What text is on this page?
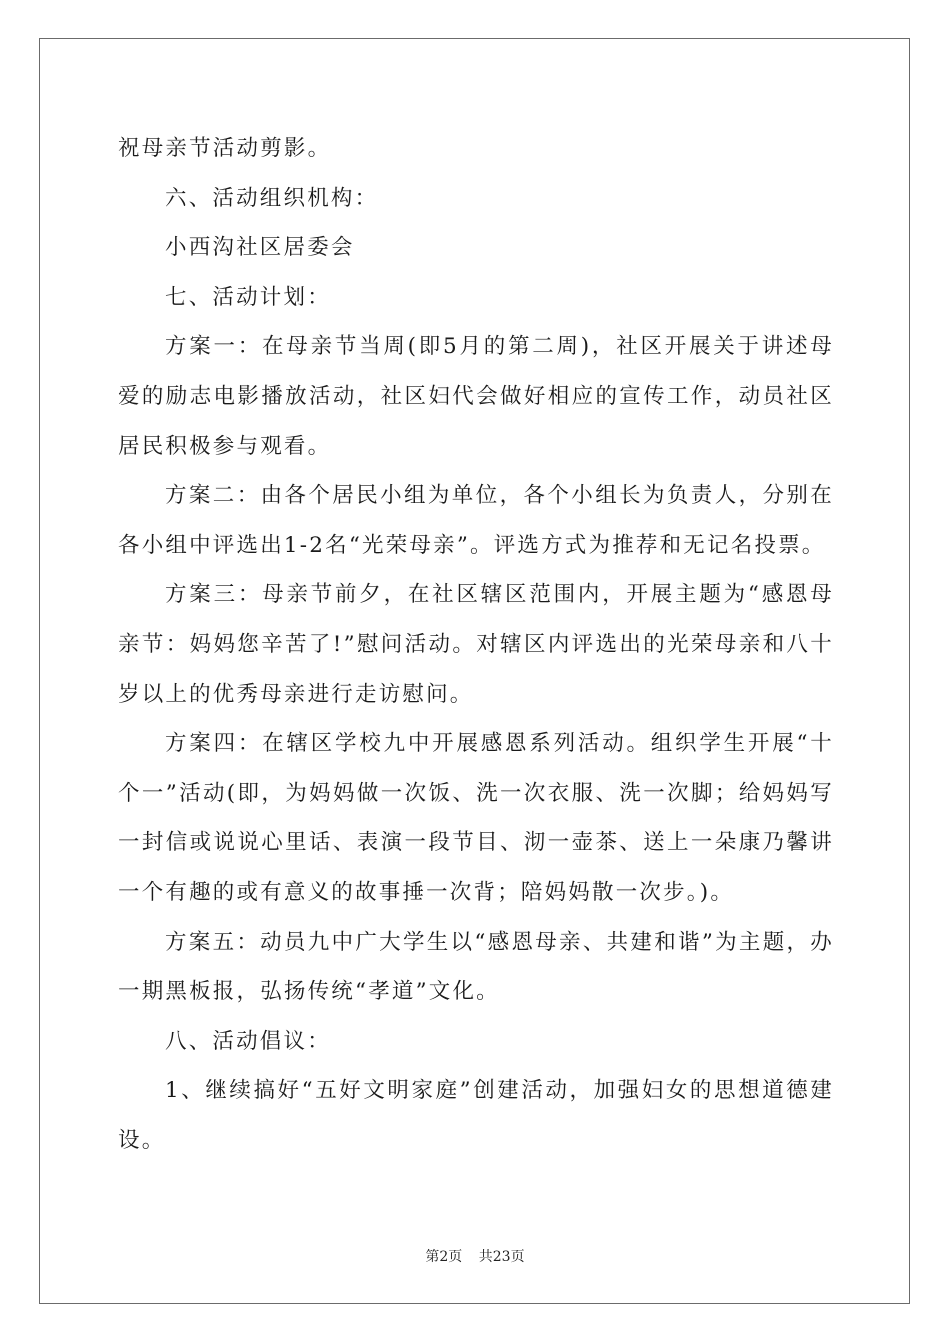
祝母亲节活动剪影。

六、活动组织机构：

小西沟社区居委会

七、活动计划：

方案一：在母亲节当周(即5月的第二周)，社区开展关于讲述母爱的励志电影播放活动，社区妇代会做好相应的宣传工作，动员社区居民积极参与观看。

方案二：由各个居民小组为单位，各个小组长为负责人，分别在各小组中评选出1-2名“光荣母亲”。评选方式为推荐和无记名投票。

方案三：母亲节前夕，在社区辖区范围内，开展主题为“感恩母亲节：妈妈您辛苦了!”慰问活动。对辖区内评选出的光荣母亲和八十岁以上的优秀母亲进行走访慰问。

方案四：在辖区学校九中开展感恩系列活动。组织学生开展“十个一”活动(即，为妈妈做一次饭、洗一次衣服、洗一次脚；给妈妈写一封信或说说心里话、表演一段节目、沏一壶茶、送上一朵康乃馨讲一个有趣的或有意义的故事捶一次背；陪妈妈散一次步。)。

方案五：动员九中广大学生以“感恩母亲、共建和谐”为主题，办一期黑板报，弘扬传统“孝道”文化。

八、活动倡议：

1、继续搞好“五好文明家庭”创建活动，加强妇女的思想道德建设。

第2页 共23页
